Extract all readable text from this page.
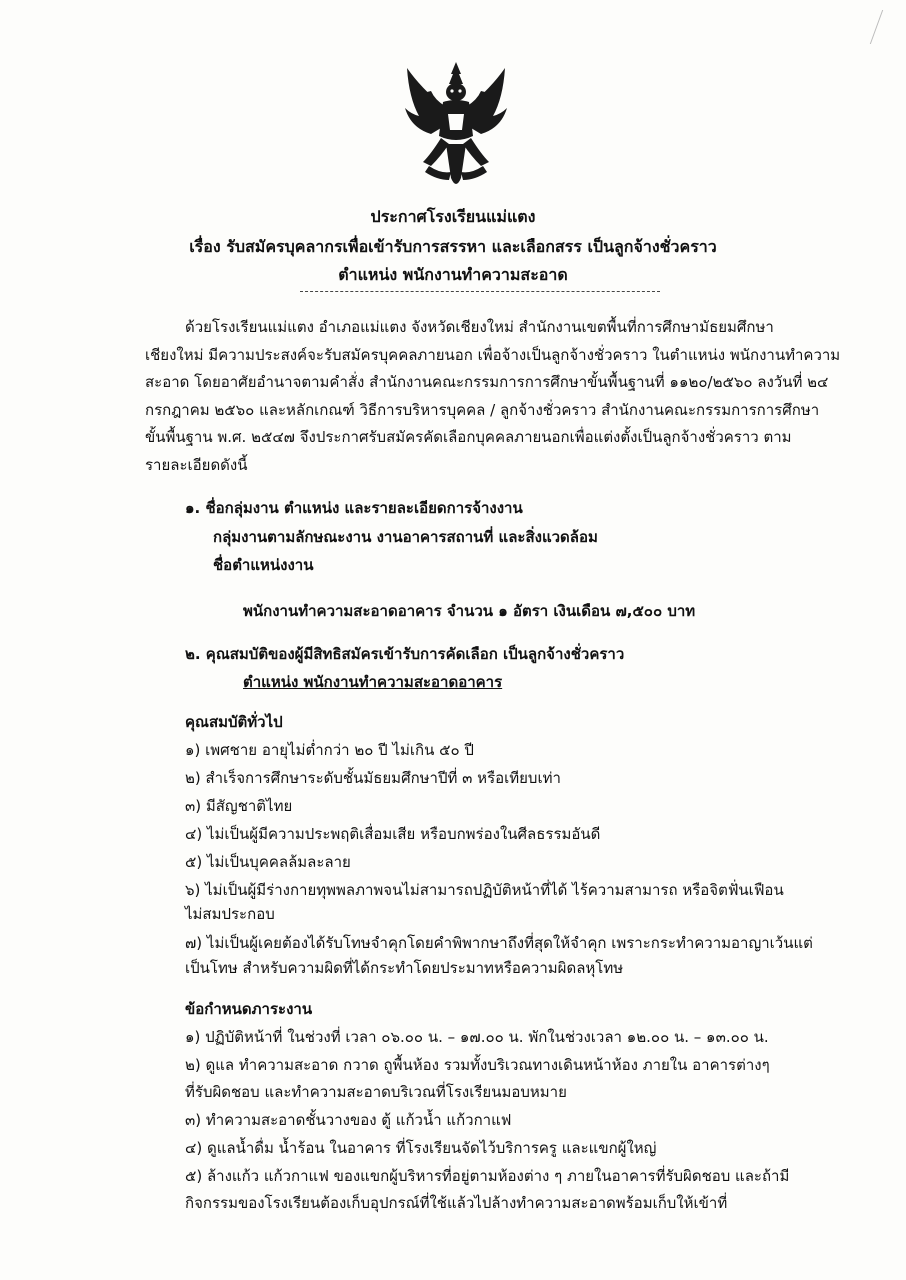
ประกาศโรงเรียนแม่แตง
เรื่อง รับสมัครบุคลากรเพื่อเข้ารับการสรรหา และเลือกสรร เป็นลูกจ้างชั่วคราว
ตำแหน่ง พนักงานทำความสะอาด
ด้วยโรงเรียนแม่แตง อำเภอแม่แตง จังหวัดเชียงใหม่ สำนักงานเขตพื้นที่การศึกษามัธยมศึกษา
เชียงใหม่ มีความประสงค์จะรับสมัครบุคคลภายนอก เพื่อจ้างเป็นลูกจ้างชั่วคราว ในตำแหน่ง พนักงานทำความ
สะอาด โดยอาศัยอำนาจตามคำสั่ง สำนักงานคณะกรรมการการศึกษาขั้นพื้นฐานที่ ๑๑๒๐/๒๕๖๐ ลงวันที่ ๒๔
กรกฎาคม ๒๕๖๐ และหลักเกณฑ์ วิธีการบริหารบุคคล / ลูกจ้างชั่วคราว สำนักงานคณะกรรมการการศึกษา
ขั้นพื้นฐาน พ.ศ. ๒๕๔๗ จึงประกาศรับสมัครคัดเลือกบุคคลภายนอกเพื่อแต่งตั้งเป็นลูกจ้างชั่วคราว ตาม
รายละเอียดดังนี้
๑. ชื่อกลุ่มงาน ตำแหน่ง และรายละเอียดการจ้างงาน
กลุ่มงานตามลักษณะงาน งานอาคารสถานที่ และสิ่งแวดล้อม
ชื่อตำแหน่งงาน
พนักงานทำความสะอาดอาคาร จำนวน ๑ อัตรา เงินเดือน ๗,๕๐๐ บาท
๒. คุณสมบัติของผู้มีสิทธิสมัครเข้ารับการคัดเลือก เป็นลูกจ้างชั่วคราว
ตำแหน่ง พนักงานทำความสะอาดอาคาร
คุณสมบัติทั่วไป
๑) เพศชาย อายุไม่ต่ำกว่า ๒๐ ปี ไม่เกิน ๕๐ ปี
๒) สำเร็จการศึกษาระดับชั้นมัธยมศึกษาปีที่ ๓ หรือเทียบเท่า
๓) มีสัญชาติไทย
๔) ไม่เป็นผู้มีความประพฤติเสื่อมเสีย หรือบกพร่องในศีลธรรมอันดี
๕) ไม่เป็นบุคคลล้มละลาย
๖) ไม่เป็นผู้มีร่างกายทุพพลภาพจนไม่สามารถปฏิบัติหน้าที่ได้ ไร้ความสามารถ หรือจิตฟั่นเฟือน
ไม่สมประกอบ
๗) ไม่เป็นผู้เคยต้องได้รับโทษจำคุกโดยคำพิพากษาถึงที่สุดให้จำคุก เพราะกระทำความอาญาเว้นแต่
เป็นโทษ สำหรับความผิดที่ได้กระทำโดยประมาทหรือความผิดลหุโทษ
ข้อกำหนดภาระงาน
๑) ปฏิบัติหน้าที่ ในช่วงที่ เวลา ๐๖.๐๐ น. – ๑๗.๐๐ น. พักในช่วงเวลา ๑๒.๐๐ น. – ๑๓.๐๐ น.
๒) ดูแล ทำความสะอาด กวาด ถูพื้นห้อง รวมทั้งบริเวณทางเดินหน้าห้อง ภายใน อาคารต่างๆ
ที่รับผิดชอบ และทำความสะอาดบริเวณที่โรงเรียนมอบหมาย
๓) ทำความสะอาดชั้นวางของ ตู้ แก้วน้ำ แก้วกาแฟ
๔) ดูแลน้ำดื่ม น้ำร้อน ในอาคาร ที่โรงเรียนจัดไว้บริการครู และแขกผู้ใหญ่
๕) ล้างแก้ว แก้วกาแฟ ของแขกผู้บริหารที่อยู่ตามห้องต่าง ๆ ภายในอาคารที่รับผิดชอบ และถ้ามี
กิจกรรมของโรงเรียนต้องเก็บอุปกรณ์ที่ใช้แล้วไปล้างทำความสะอาดพร้อมเก็บให้เข้าที่
